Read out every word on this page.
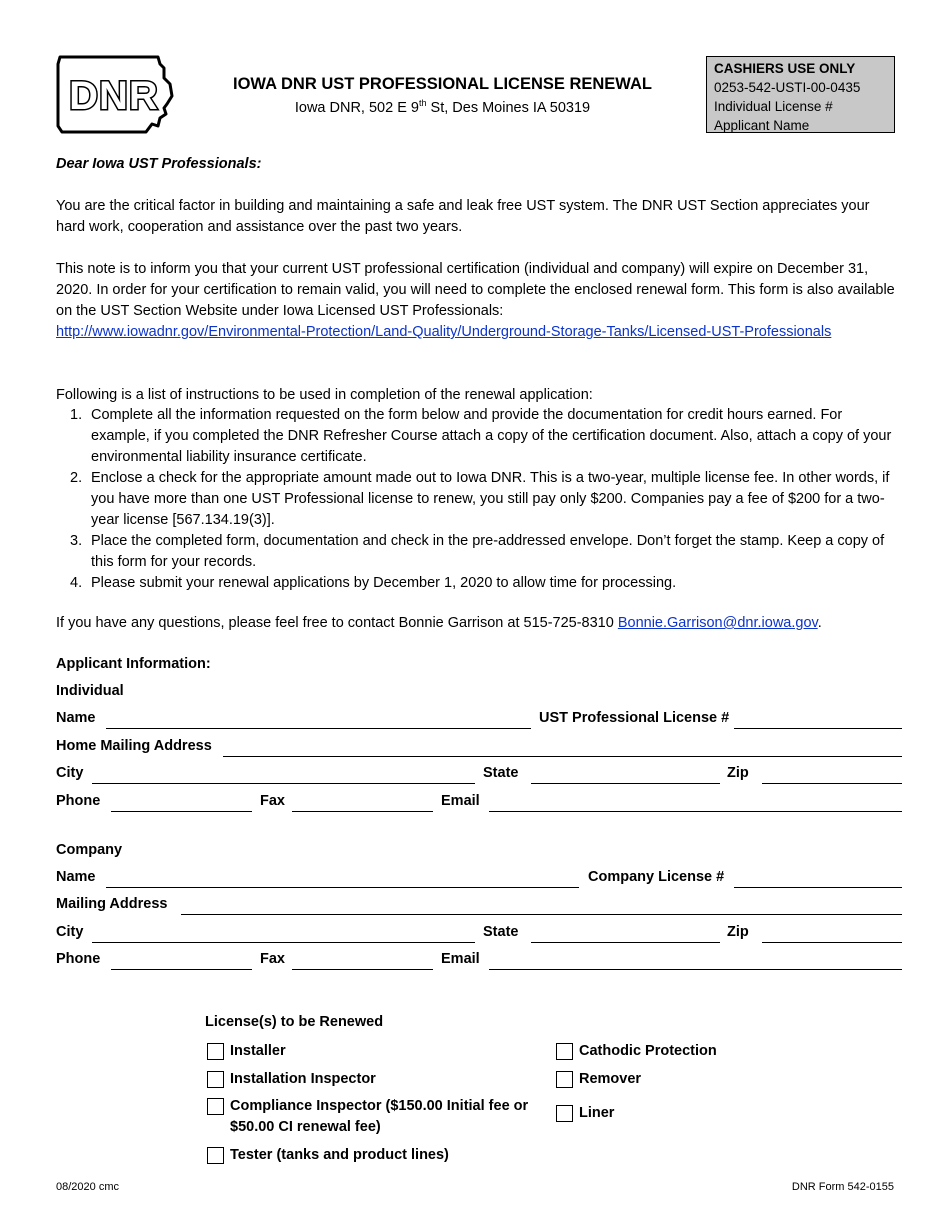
DNR	IOWA DNR UST PROFESSIONAL LICENSE RENEWAL
Iowa DNR, 502 E 9th St, Des Moines IA 50319
CASHIERS USE ONLY
0253-542-USTI-00-0435
Individual License #
Applicant Name
Dear Iowa UST Professionals:
You are the critical factor in building and maintaining a safe and leak free UST system. The DNR UST Section appreciates your hard work, cooperation and assistance over the past two years.
This note is to inform you that your current UST professional certification (individual and company) will expire on December 31, 2020. In order for your certification to remain valid, you will need to complete the enclosed renewal form. This form is also available on the UST Section Website under Iowa Licensed UST Professionals:
http://www.iowadnr.gov/Environmental-Protection/Land-Quality/Underground-Storage-Tanks/Licensed-UST-Professionals
Following is a list of instructions to be used in completion of the renewal application:
1. Complete all the information requested on the form below and provide the documentation for credit hours earned. For example, if you completed the DNR Refresher Course attach a copy of the certification document. Also, attach a copy of your environmental liability insurance certificate.
2. Enclose a check for the appropriate amount made out to Iowa DNR. This is a two-year, multiple license fee. In other words, if you have more than one UST Professional license to renew, you still pay only $200. Companies pay a fee of $200 for a two-year license [567.134.19(3)].
3. Place the completed form, documentation and check in the pre-addressed envelope. Don’t forget the stamp. Keep a copy of this form for your records.
4. Please submit your renewal applications by December 1, 2020 to allow time for processing.
If you have any questions, please feel free to contact Bonnie Garrison at 515-725-8310 Bonnie.Garrison@dnr.iowa.gov.
Applicant Information:
Individual
Name	UST Professional License #
Home Mailing Address
City	State	Zip
Phone	Fax	Email
Company
Name	Company License #
Mailing Address
City	State	Zip
Phone	Fax	Email
License(s) to be Renewed
Installer
Installation Inspector
Compliance Inspector ($150.00 Initial fee or $50.00 CI renewal fee)
Tester (tanks and product lines)
Cathodic Protection
Remover
Liner
08/2020 cmc	DNR Form 542-0155
